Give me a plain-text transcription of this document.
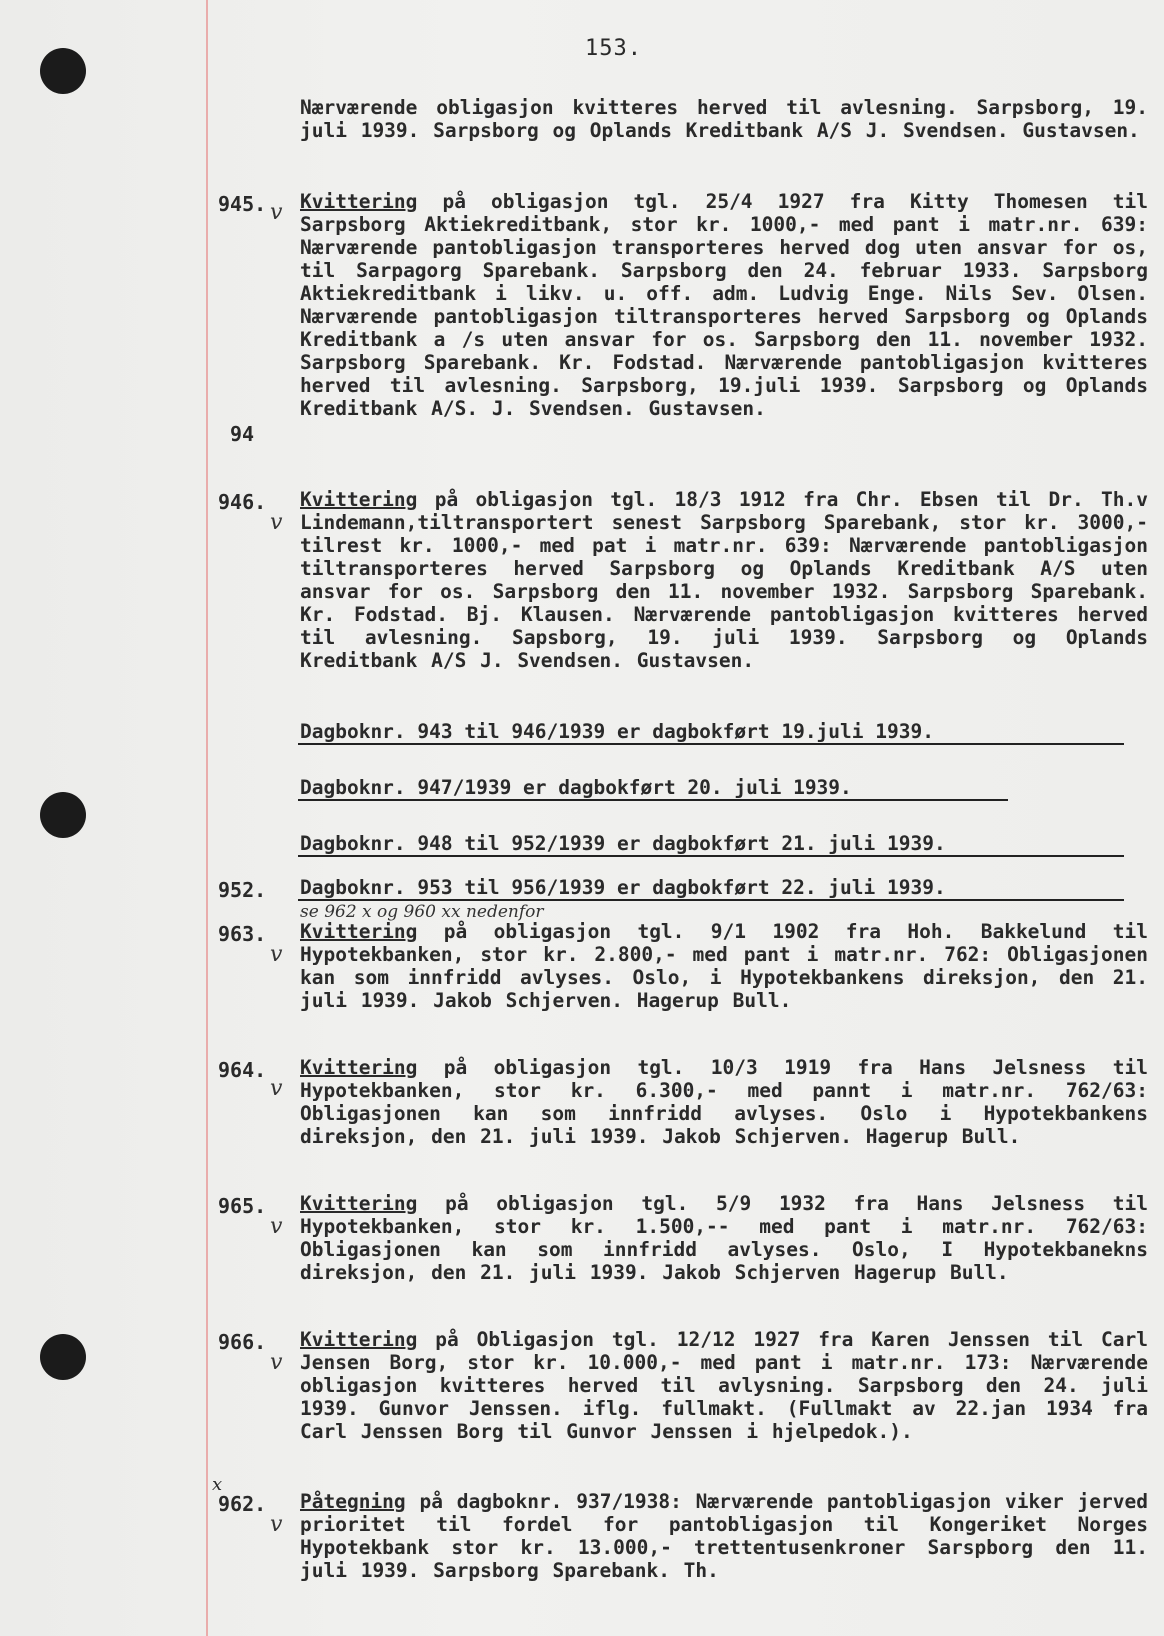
153.
Nærværende obligasjon kvitteres herved til avlesning. Sarpsborg, 19. juli 1939. Sarpsborg og Oplands Kreditbank A/S J. Svendsen. Gustavsen.
945. v
94
Kvittering på obligasjon tgl. 25/4 1927 fra Kitty Thomesen til Sarpsborg Aktiekreditbank, stor kr. 1000,- med pant i matr.nr. 639: Nærværende pantobligasjon transporteres herved dog uten ansvar for os, til Sarpagorg Sparebank. Sarpsborg den 24. februar 1933. Sarpsborg Aktiekreditbank i likv. u. off. adm. Ludvig Enge. Nils Sev. Olsen. Nærværende pantobligasjon tiltransporteres herved Sarpsborg og Oplands Kreditbank a /s uten ansvar for os. Sarpsborg den 11. november 1932. Sarpsborg Sparebank. Kr. Fodstad. Nærværende pantobligasjon kvitteres herved til avlesning. Sarpsborg, 19.juli 1939. Sarpsborg og Oplands Kreditbank A/S. J. Svendsen. Gustavsen.
946.
v
Kvittering på obligasjon tgl. 18/3 1912 fra Chr. Ebsen til Dr. Th.v Lindemann,tiltransportert senest Sarpsborg Sparebank, stor kr. 3000,- tilrest kr. 1000,- med pat i matr.nr. 639: Nærværende pantobligasjon tiltransporteres herved Sarpsborg og Oplands Kreditbank A/S uten ansvar for os. Sarpsborg den 11. november 1932. Sarpsborg Sparebank. Kr. Fodstad. Bj. Klausen. Nærværende pantobligasjon kvitteres herved til avlesning. Sapsborg, 19. juli 1939. Sarpsborg og Oplands Kreditbank A/S J. Svendsen. Gustavsen.
Dagboknr. 943 til 946/1939 er dagbokført 19.juli 1939.
Dagboknr. 947/1939 er dagbokført 20. juli 1939.
Dagboknr. 948 til 952/1939 er dagbokført 21. juli 1939.
952. Dagboknr. 953 til 956/1939 er dagbokført 22. juli 1939.
se 962 x og 960 xx nedenfor
963.
v
Kvittering på obligasjon tgl. 9/1 1902 fra Hoh. Bakkelund til Hypotekbanken, stor kr. 2.800,- med pant i matr.nr. 762: Obligasjonen kan som innfridd avlyses. Oslo, i Hypotekbankens direksjon, den 21. juli 1939. Jakob Schjerven. Hagerup Bull.
964.
v
Kvittering på obligasjon tgl. 10/3 1919 fra Hans Jelsness til Hypotekbanken, stor kr. 6.300,- med pannt i matr.nr. 762/63: Obligasjonen kan som innfridd avlyses. Oslo i Hypotekbankens direksjon, den 21. juli 1939. Jakob Schjerven. Hagerup Bull.
965.
v
Kvittering på obligasjon tgl. 5/9 1932 fra Hans Jelsness til Hypotekbanken, stor kr. 1.500,-- med pant i matr.nr. 762/63: Obligasjonen kan som innfridd avlyses. Oslo, I Hypotekbanekns direksjon, den 21. juli 1939. Jakob Schjerven Hagerup Bull.
966.
v
Kvittering på Obligasjon tgl. 12/12 1927 fra Karen Jenssen til Carl Jensen Borg, stor kr. 10.000,- med pant i matr.nr. 173: Nærværende obligasjon kvitteres herved til avlysning. Sarpsborg den 24. juli 1939. Gunvor Jenssen. iflg. fullmakt. (Fullmakt av 22.jan 1934 fra Carl Jenssen Borg til Gunvor Jenssen i hjelpedok.).
x
962.
v
Påtegning på dagboknr. 937/1938: Nærværende pantobligasjon viker jerved prioritet til fordel for pantobligasjon til Kongeriket Norges Hypotekbank stor kr. 13.000,- trettentusenkroner Sarspborg den 11. juli 1939. Sarpsborg Sparebank. Th.
